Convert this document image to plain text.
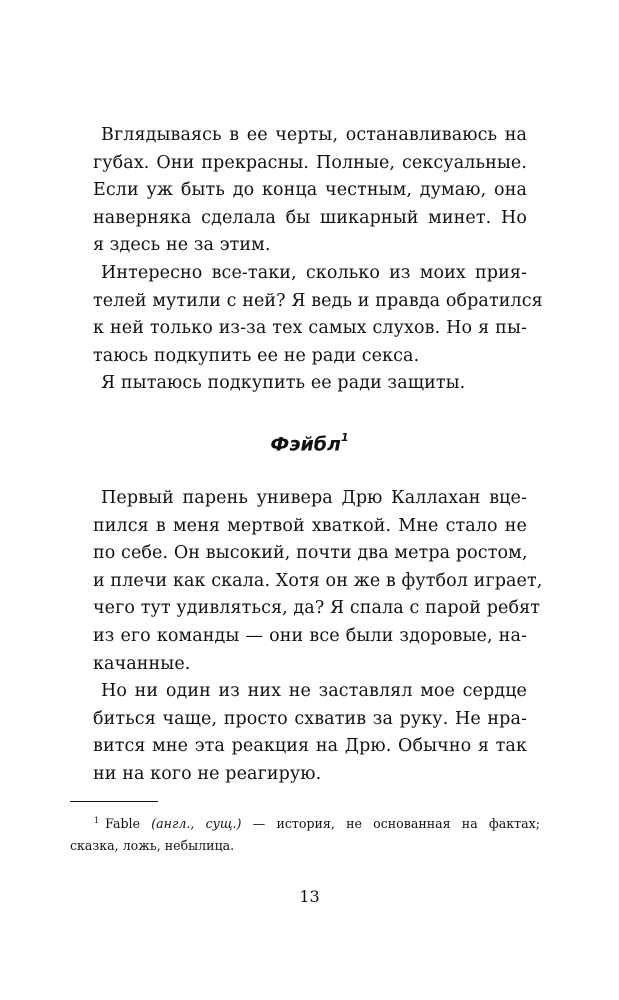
Вглядываясь в ее черты, останавливаюсь на
губах. Они прекрасны. Полные, сексуальные.
Если уж быть до конца честным, думаю, она
наверняка сделала бы шикарный минет. Но
я здесь не за этим.
Интересно все-таки, сколько из моих прия-
телей мутили с ней? Я ведь и правда обратился
к ней только из-за тех самых слухов. Но я пы-
таюсь подкупить ее не ради секса.
Я пытаюсь подкупить ее ради защиты.
Фэйбл$^1$
Первый парень универа Дрю Каллахан вце-
пился в меня мертвой хваткой. Мне стало не
по себе. Он высокий, почти два метра ростом,
и плечи как скала. Хотя он же в футбол играет,
чего тут удивляться, да? Я спала с парой ребят
из его команды — они все были здоровые, на-
качанные.
Но ни один из них не заставлял мое сердце
биться чаще, просто схватив за руку. Не нра-
вится мне эта реакция на Дрю. Обычно я так
ни на кого не реагирую.
$^1$ Fable (англ., сущ.) — история, не основанная на фактах;
сказка, ложь, небылица.
13
